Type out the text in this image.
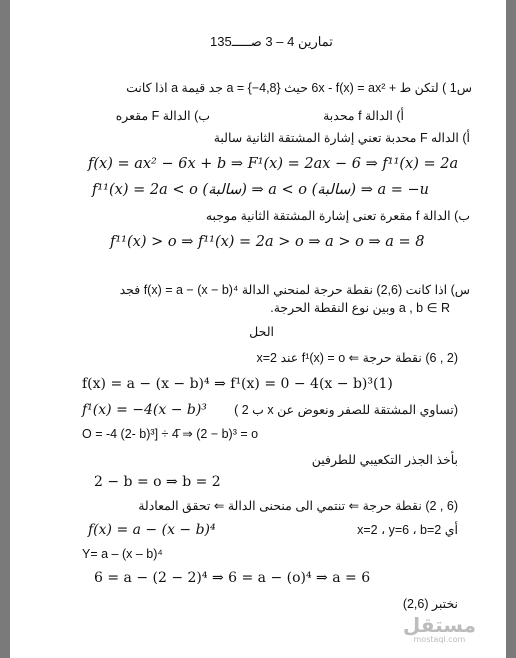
135تمارين 4 – 3 صـــــ
س1 ) لتكن ط + 6x - f(x) = ax² حيث a = {−4,8} جد قيمة a اذا كانت
أ) الدالة f محدبة
ب) الدالة F مقعره
أ) الداله F محدبة تعني إشارة المشتقة الثانية سالبة
f(x) = ax² − 6x + b ⇒ F¹(x) = 2ax − 6 ⇒ f¹¹(x) = 2a
f¹¹(x) = 2a < o (سالبة) ⇒ a < o (سالبة) ⇒ a = −u
ب) الدالة f مقعرة تعنى إشارة المشتقة الثانية موجبه
f¹¹(x) > o ⇒ f¹¹(x) = 2a > o ⇒ a > o ⇒ a = 8
س) اذا كانت (2,6) نقطة حرجة لمنحني الدالة f(x) = a − (x − b)⁴ فجد
a , b ∈ R وبين نوع النقطة الحرجة.
الحل
(2 , 6) نقطة حرجة ⇐ f¹(x) = o عند x=2
f(x) = a − (x − b)⁴ ⇒ f¹(x) = 0 − 4(x − b)³(1)
f¹(x) = −4(x − b)³ (تساوي المشتقة للصفر ونعوض عن x ب 2 )
O = -4 (2- b)³] ÷ 4̄ ⇒ (2 − b)³ = o
بأخذ الجذر التكعيبي للطرفين
2 − b = o ⇒ b = 2
(6 , 2) نقطة حرجة ⇐ تنتمي الى منحنى الدالة ⇐ تحقق المعادلة
f(x) = a − (x − b)⁴	أي x=2 ، y=6 ، b=2
Y= a – (x – b)⁴
6 = a − (2 − 2)⁴ ⇒ 6 = a − (o)⁴ ⇒ a = 6
نختبر (2,6)
مستقل
mostaql.com
